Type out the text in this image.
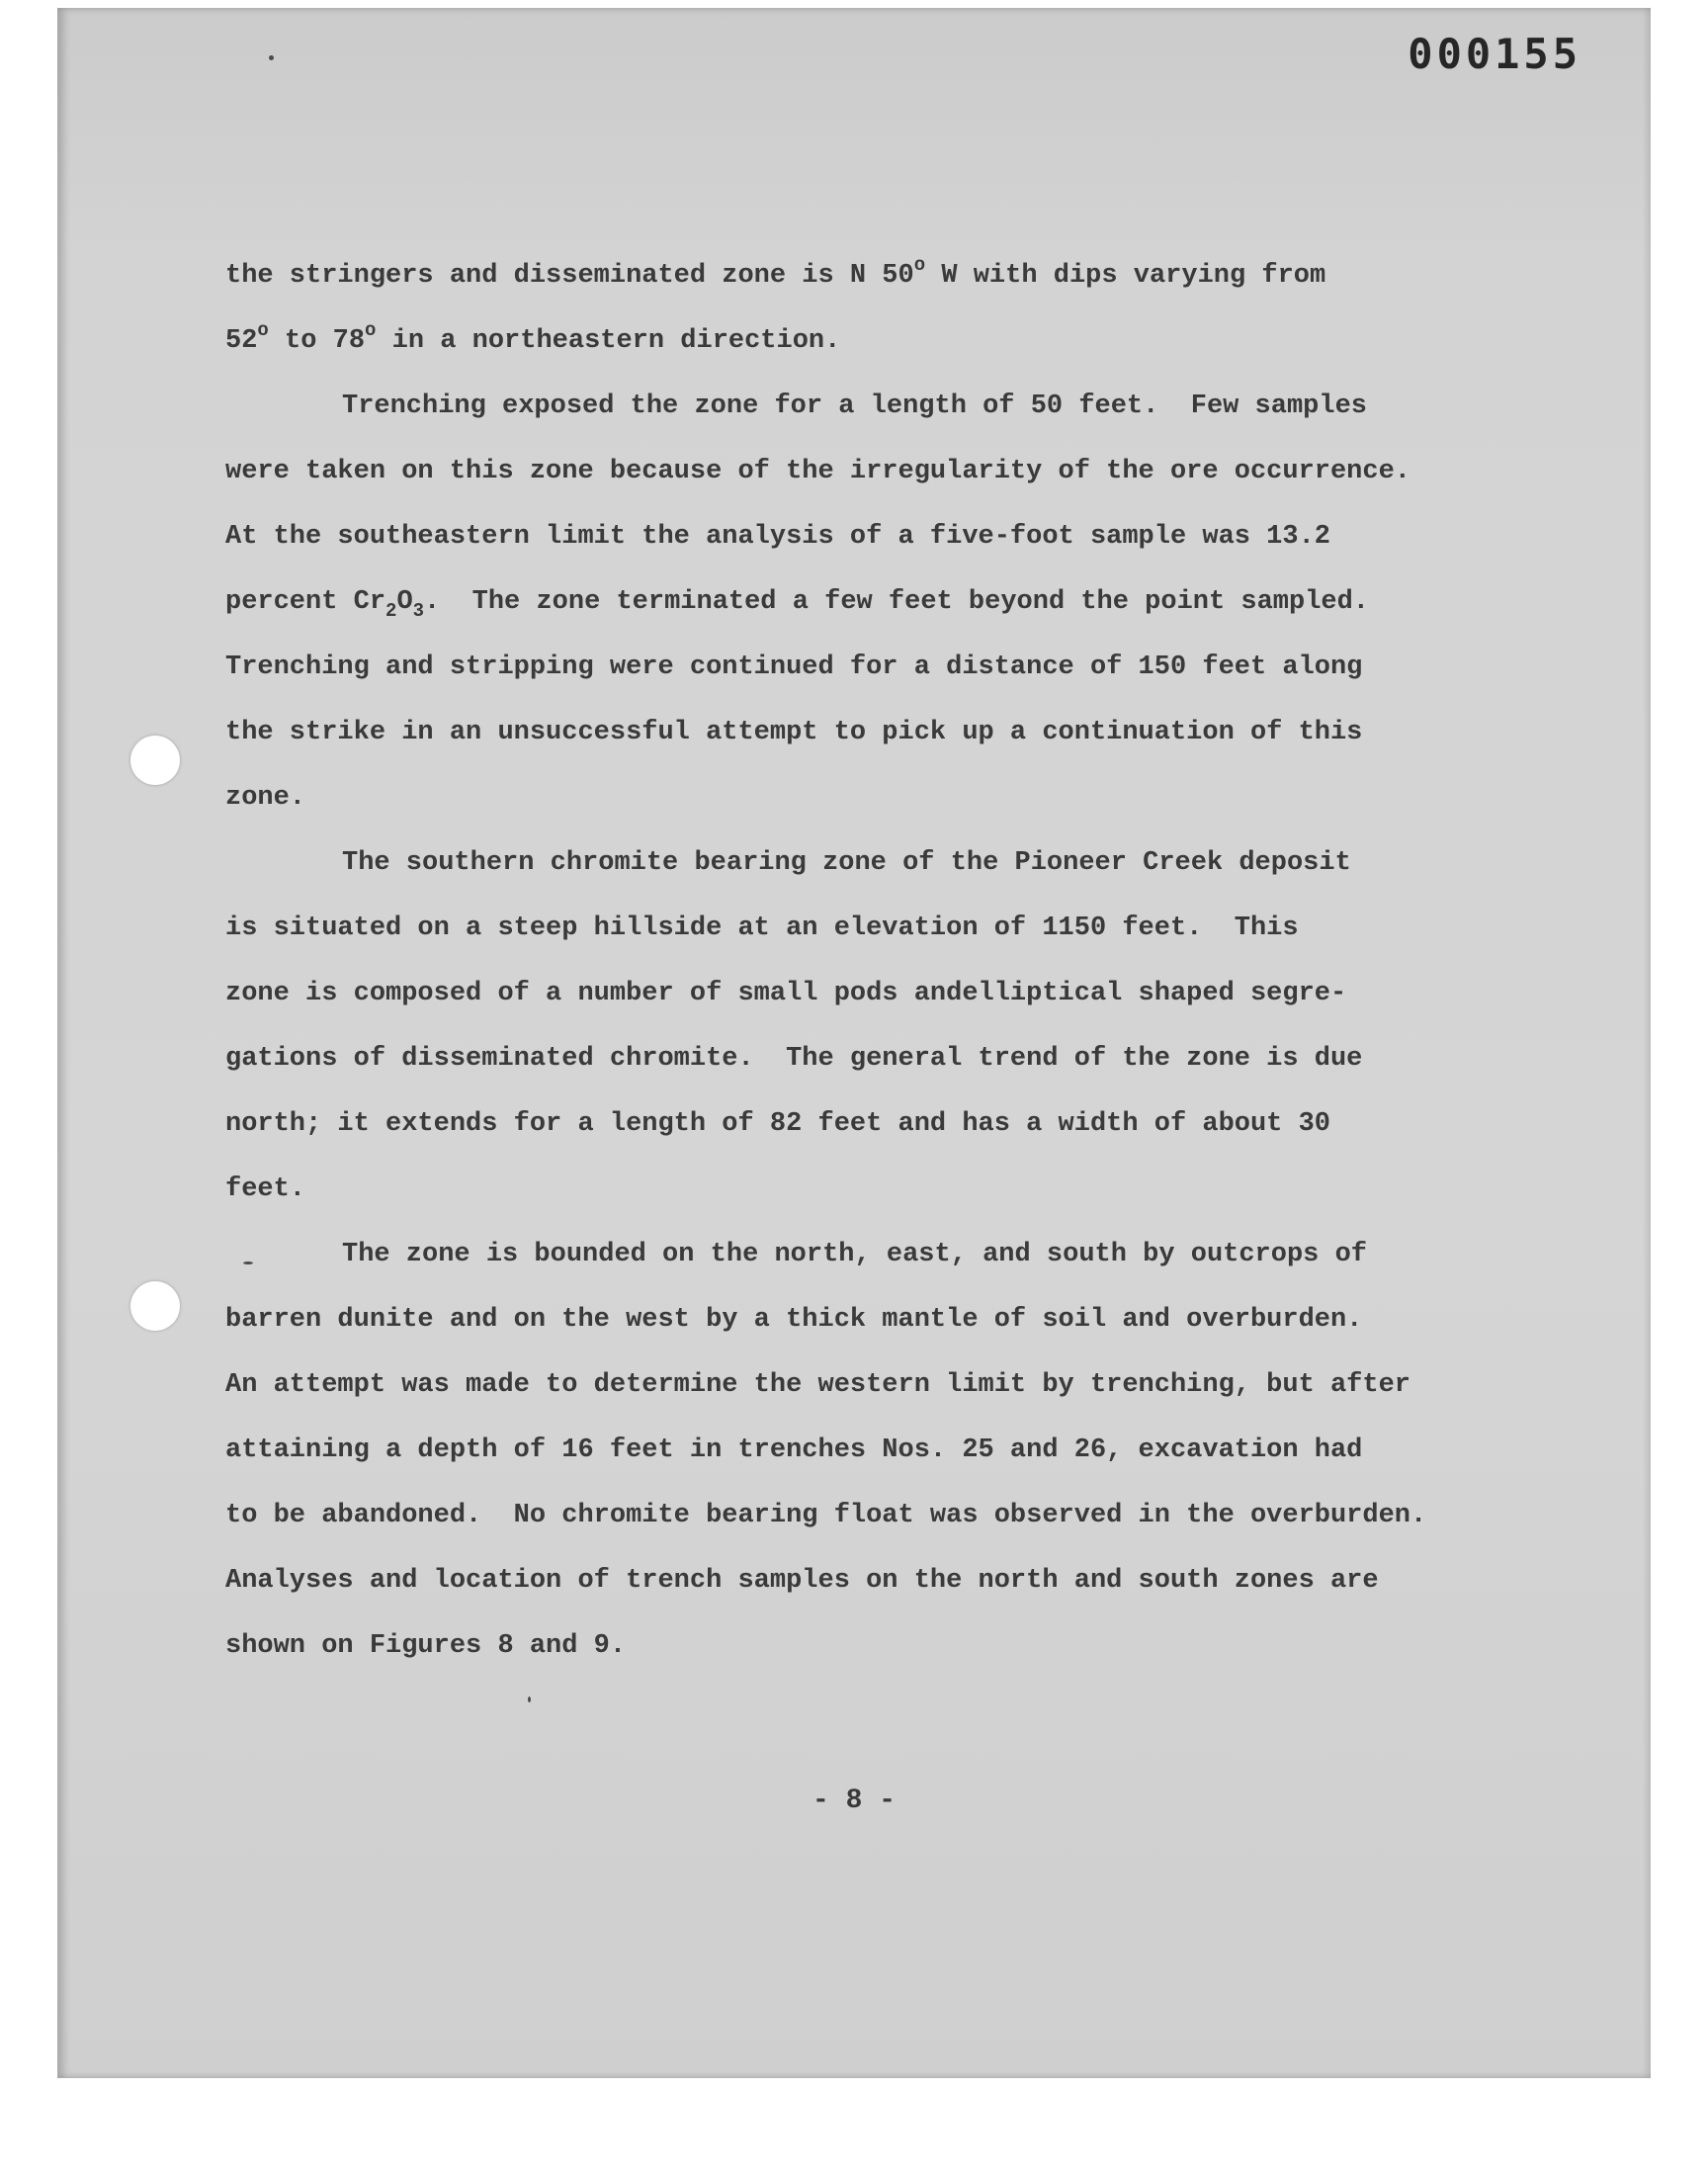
000155
the stringers and disseminated zone is N 50$^o$ W with dips varying from
52$^o$ to 78$^o$ in a northeastern direction.
Trenching exposed the zone for a length of 50 feet.  Few samples
were taken on this zone because of the irregularity of the ore occurrence.
At the southeastern limit the analysis of a five-foot sample was 13.2
percent $Cr_2O_3$.  The zone terminated a few feet beyond the point sampled.
Trenching and stripping were continued for a distance of 150 feet along
the strike in an unsuccessful attempt to pick up a continuation of this
zone.
The southern chromite bearing zone of the Pioneer Creek deposit
is situated on a steep hillside at an elevation of 1150 feet.  This
zone is composed of a number of small pods andelliptical shaped segre-
gations of disseminated chromite.  The general trend of the zone is due
north; it extends for a length of 82 feet and has a width of about 30
feet.
The zone is bounded on the north, east, and south by outcrops of
barren dunite and on the west by a thick mantle of soil and overburden.
An attempt was made to determine the western limit by trenching, but after
attaining a depth of 16 feet in trenches Nos. 25 and 26, excavation had
to be abandoned.  No chromite bearing float was observed in the overburden.
Analyses and location of trench samples on the north and south zones are
shown on Figures 8 and 9.
- 8 -
